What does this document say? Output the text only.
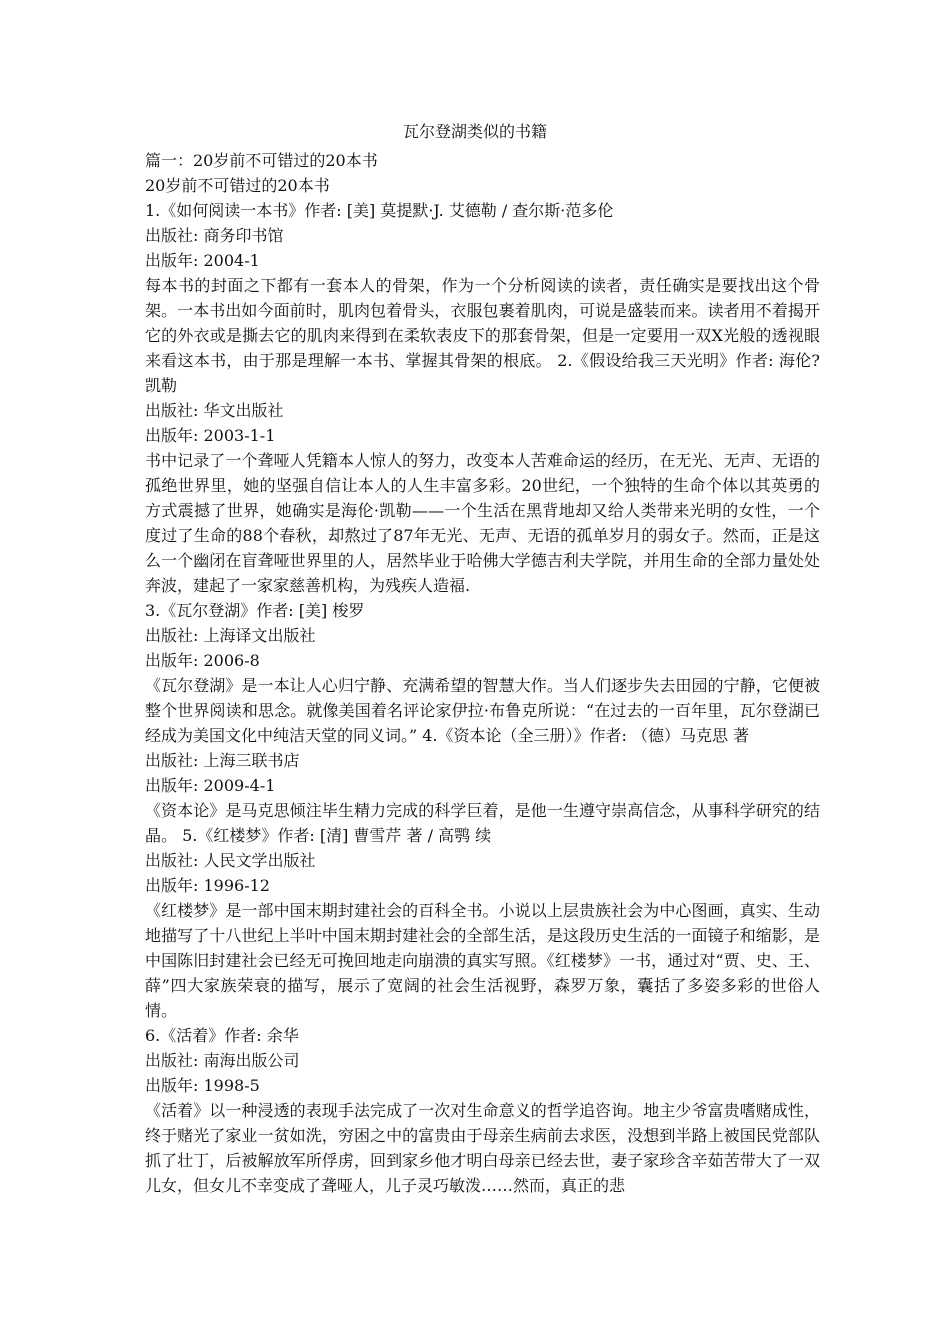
瓦尔登湖类似的书籍

篇一：20岁前不可错过的20本书

20岁前不可错过的20本书

1.《如何阅读一本书》作者: [美] 莫提默·J. 艾德勒 / 查尔斯·范多伦

出版社: 商务印书馆

出版年: 2004-1

每本书的封面之下都有一套本人的骨架，作为一个分析阅读的读者，责任确实是要找出这个骨架。一本书出如今面前时，肌肉包着骨头，衣服包裹着肌肉，可说是盛装而来。读者用不着揭开它的外衣或是撕去它的肌肉来得到在柔软表皮下的那套骨架，但是一定要用一双X光般的透视眼来看这本书，由于那是理解一本书、掌握其骨架的根底。 2.《假设给我三天光明》作者: 海伦?凯勒

出版社: 华文出版社

出版年: 2003-1-1

书中记录了一个聋哑人凭籍本人惊人的努力，改变本人苦难命运的经历，在无光、无声、无语的孤绝世界里，她的坚强自信让本人的人生丰富多彩。20世纪，一个独特的生命个体以其英勇的方式震撼了世界，她确实是海伦·凯勒——一个生活在黑背地却又给人类带来光明的女性，一个度过了生命的88个春秋，却熬过了87年无光、无声、无语的孤单岁月的弱女子。然而，正是这么一个幽闭在盲聋哑世界里的人，居然毕业于哈佛大学德吉利夫学院，并用生命的全部力量处处奔波，建起了一家家慈善机构，为残疾人造福.

3.《瓦尔登湖》作者: [美] 梭罗

出版社: 上海译文出版社

出版年: 2006-8

《瓦尔登湖》是一本让人心归宁静、充满希望的智慧大作。当人们逐步失去田园的宁静，它便被整个世界阅读和思念。就像美国着名评论家伊拉·布鲁克所说：“在过去的一百年里，瓦尔登湖已经成为美国文化中纯洁天堂的同义词。” 4.《资本论（全三册）》作者: （德）马克思 著

出版社: 上海三联书店

出版年: 2009-4-1

《资本论》是马克思倾注毕生精力完成的科学巨着，是他一生遵守崇高信念，从事科学研究的结晶。 5.《红楼梦》作者: [清] 曹雪芹 著 / 高鹗 续

出版社: 人民文学出版社

出版年: 1996-12

《红楼梦》是一部中国末期封建社会的百科全书。小说以上层贵族社会为中心图画，真实、生动地描写了十八世纪上半叶中国末期封建社会的全部生活，是这段历史生活的一面镜子和缩影，是中国陈旧封建社会已经无可挽回地走向崩溃的真实写照。《红楼梦》一书，通过对“贾、史、王、薛”四大家族荣衰的描写，展示了宽阔的社会生活视野，森罗万象，囊括了多姿多彩的世俗人情。

6.《活着》作者: 余华

出版社: 南海出版公司

出版年: 1998-5

《活着》以一种浸透的表现手法完成了一次对生命意义的哲学追咨询。地主少爷富贵嗜赌成性，终于赌光了家业一贫如洗，穷困之中的富贵由于母亲生病前去求医，没想到半路上被国民党部队抓了壮丁，后被解放军所俘虏，回到家乡他才明白母亲已经去世，妻子家珍含辛茹苦带大了一双儿女，但女儿不幸变成了聋哑人，儿子灵巧敏泼……然而，真正的悲
